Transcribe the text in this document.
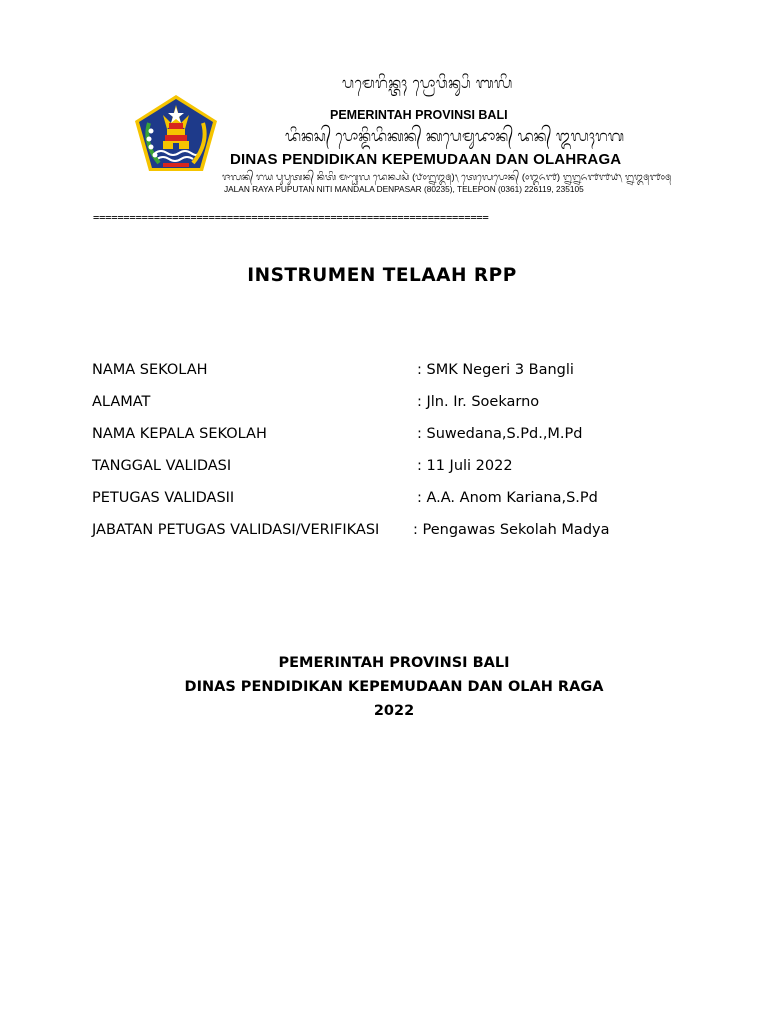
ᬧᬫᬾᬭᬶᬦ᭄ᬢᬄ ᬧ᭄ᬭᭀᬯᬶᬦ᭄ᬲᬶ ᬩᬮᬶ
PEMERINTAH PROVINSI BALI
ᬤᬶᬦᬲ᭄ ᬧᭀᬦ᭄ᬤᬶᬤᬶᬓᬦ᭄ ᬓᬧᬾᬫᬸᬤᬵᬦ᭄ ᬤᬦ᭄ ᬑᬮᬄᬭᬕ
DINAS PENDIDIKAN KEPEMUDAAN DAN OLAHRAGA
ᬚᬮᬦ᭄ ᬭᬬ ᬧᬸᬧᬸᬢᬦ᭄ ᬦᬶᬢᬶ ᬫᬡ᭄ᬟᬮ ᬤᬾᬦ᭄ᬧᬲᬃ (᭘᭐᭒᭓᭕)᭞ ᬢᬾᬮᬾᬧᭀᬦ᭄ (᭐᭓᭖᭑) ᭒᭒᭖᭑᭑᭙᭞ ᭒᭓᭕᭑᭐᭕
JALAN RAYA PUPUTAN NITI MANDALA DENPASAR (80235), TELEPON (0361) 226119, 235105
=================================================================
INSTRUMEN TELAAH RPP
NAMA SEKOLAH	: SMK Negeri 3 Bangli
ALAMAT	: Jln. Ir. Soekarno
NAMA KEPALA SEKOLAH	: Suwedana,S.Pd.,M.Pd
TANGGAL VALIDASI	: 11 Juli 2022
PETUGAS VALIDASII	: A.A. Anom Kariana,S.Pd
JABATAN PETUGAS VALIDASI/VERIFIKASI : Pengawas Sekolah Madya
PEMERINTAH PROVINSI BALI
DINAS PENDIDIKAN KEPEMUDAAN DAN OLAH RAGA
2022
